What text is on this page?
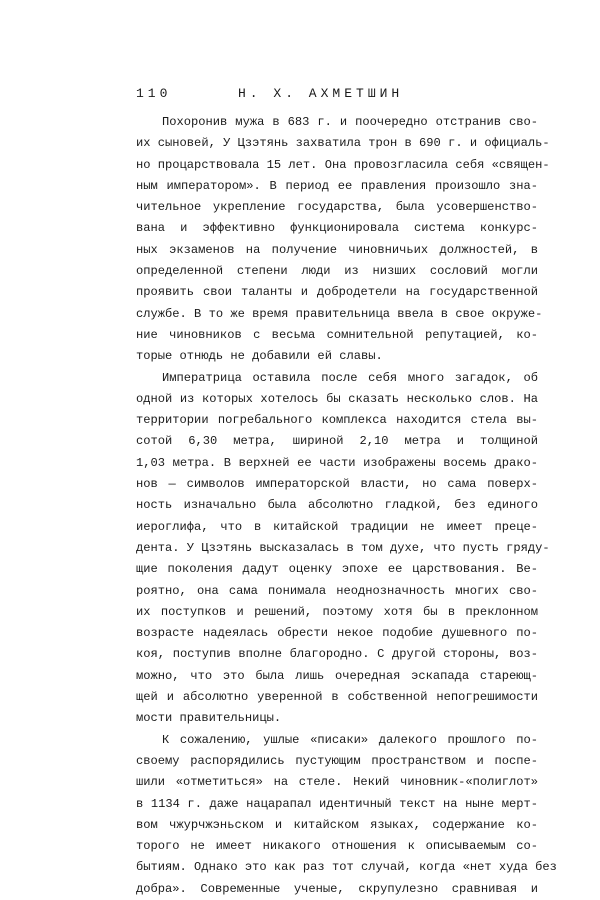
110	Н. Х. АХМЕТШИН
Похоронив мужа в 683 г. и поочередно отстранив сво-
их сыновей, У Цзэтянь захватила трон в 690 г. и официаль-
но процарствовала 15 лет. Она провозгласила себя «священ-
ным императором». В период ее правления произошло зна-
чительное укрепление государства, была усовершенство-
вана и эффективно функционировала система конкурс-
ных экзаменов на получение чиновничьих должностей, в
определенной степени люди из низших сословий могли
проявить свои таланты и добродетели на государственной
службе. В то же время правительница ввела в свое окруже-
ние чиновников с весьма сомнительной репутацией, ко-
торые отнюдь не добавили ей славы.
Императрица оставила после себя много загадок, об
одной из которых хотелось бы сказать несколько слов. На
территории погребального комплекса находится стела вы-
сотой 6,30 метра, шириной 2,10 метра и толщиной
1,03 метра. В верхней ее части изображены восемь драко-
нов — символов императорской власти, но сама поверх-
ность изначально была абсолютно гладкой, без единого
иероглифа, что в китайской традиции не имеет преце-
дента. У Цзэтянь высказалась в том духе, что пусть гряду-
щие поколения дадут оценку эпохе ее царствования. Ве-
роятно, она сама понимала неоднозначность многих сво-
их поступков и решений, поэтому хотя бы в преклонном
возрасте надеялась обрести некое подобие душевного по-
коя, поступив вполне благородно. С другой стороны, воз-
можно, что это была лишь очередная эскапада стареющ-
щей и абсолютно уверенной в собственной непогрешимости
мости правительницы.
К сожалению, ушлые «писаки» далекого прошлого по-
своему распорядились пустующим пространством и поспе-
шили «отметиться» на стеле. Некий чиновник-«полиглот»
в 1134 г. даже нацарапал идентичный текст на ныне мерт-
вом чжурчжэньском и китайском языках, содержание ко-
торого не имеет никакого отношения к описываемым со-
бытиям. Однако это как раз тот случай, когда «нет худа без
добра». Современные ученые, скрупулезно сравнивая и
